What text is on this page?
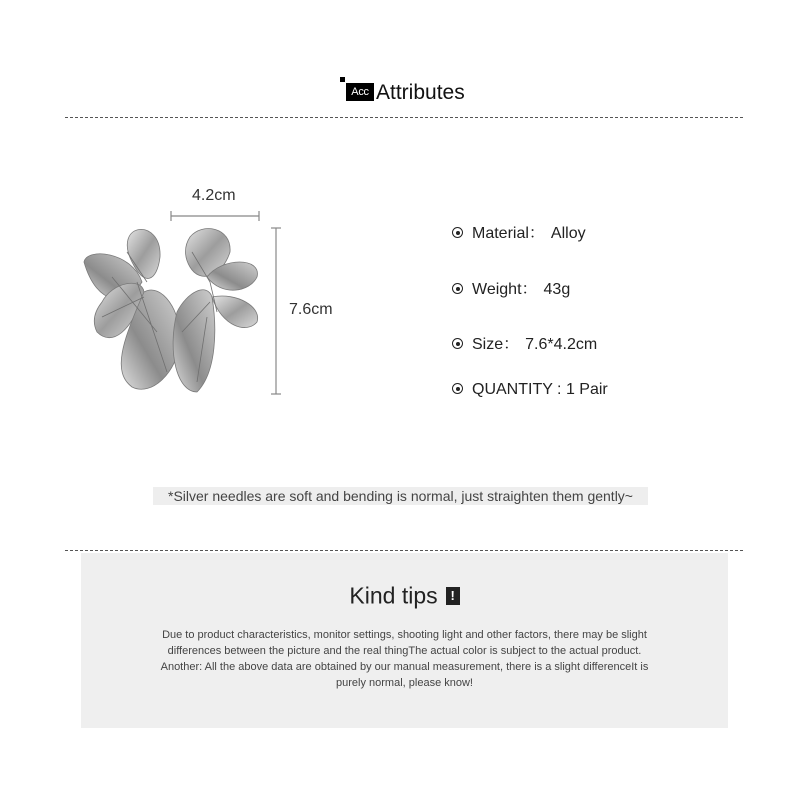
Acc Attributes
4.2cm
7.6cm
Material： Alloy
Weight： 43g
Size： 7.6*4.2cm
QUANTITY : 1 Pair
*Silver needles are soft and bending is normal, just straighten them gently~
Kind tips !
Due to product characteristics, monitor settings, shooting light and other factors, there may be slight
differences between the picture and the real thingThe actual color is subject to the actual product.
Another: All the above data are obtained by our manual measurement, there is a slight differenceIt is
purely normal, please know!
